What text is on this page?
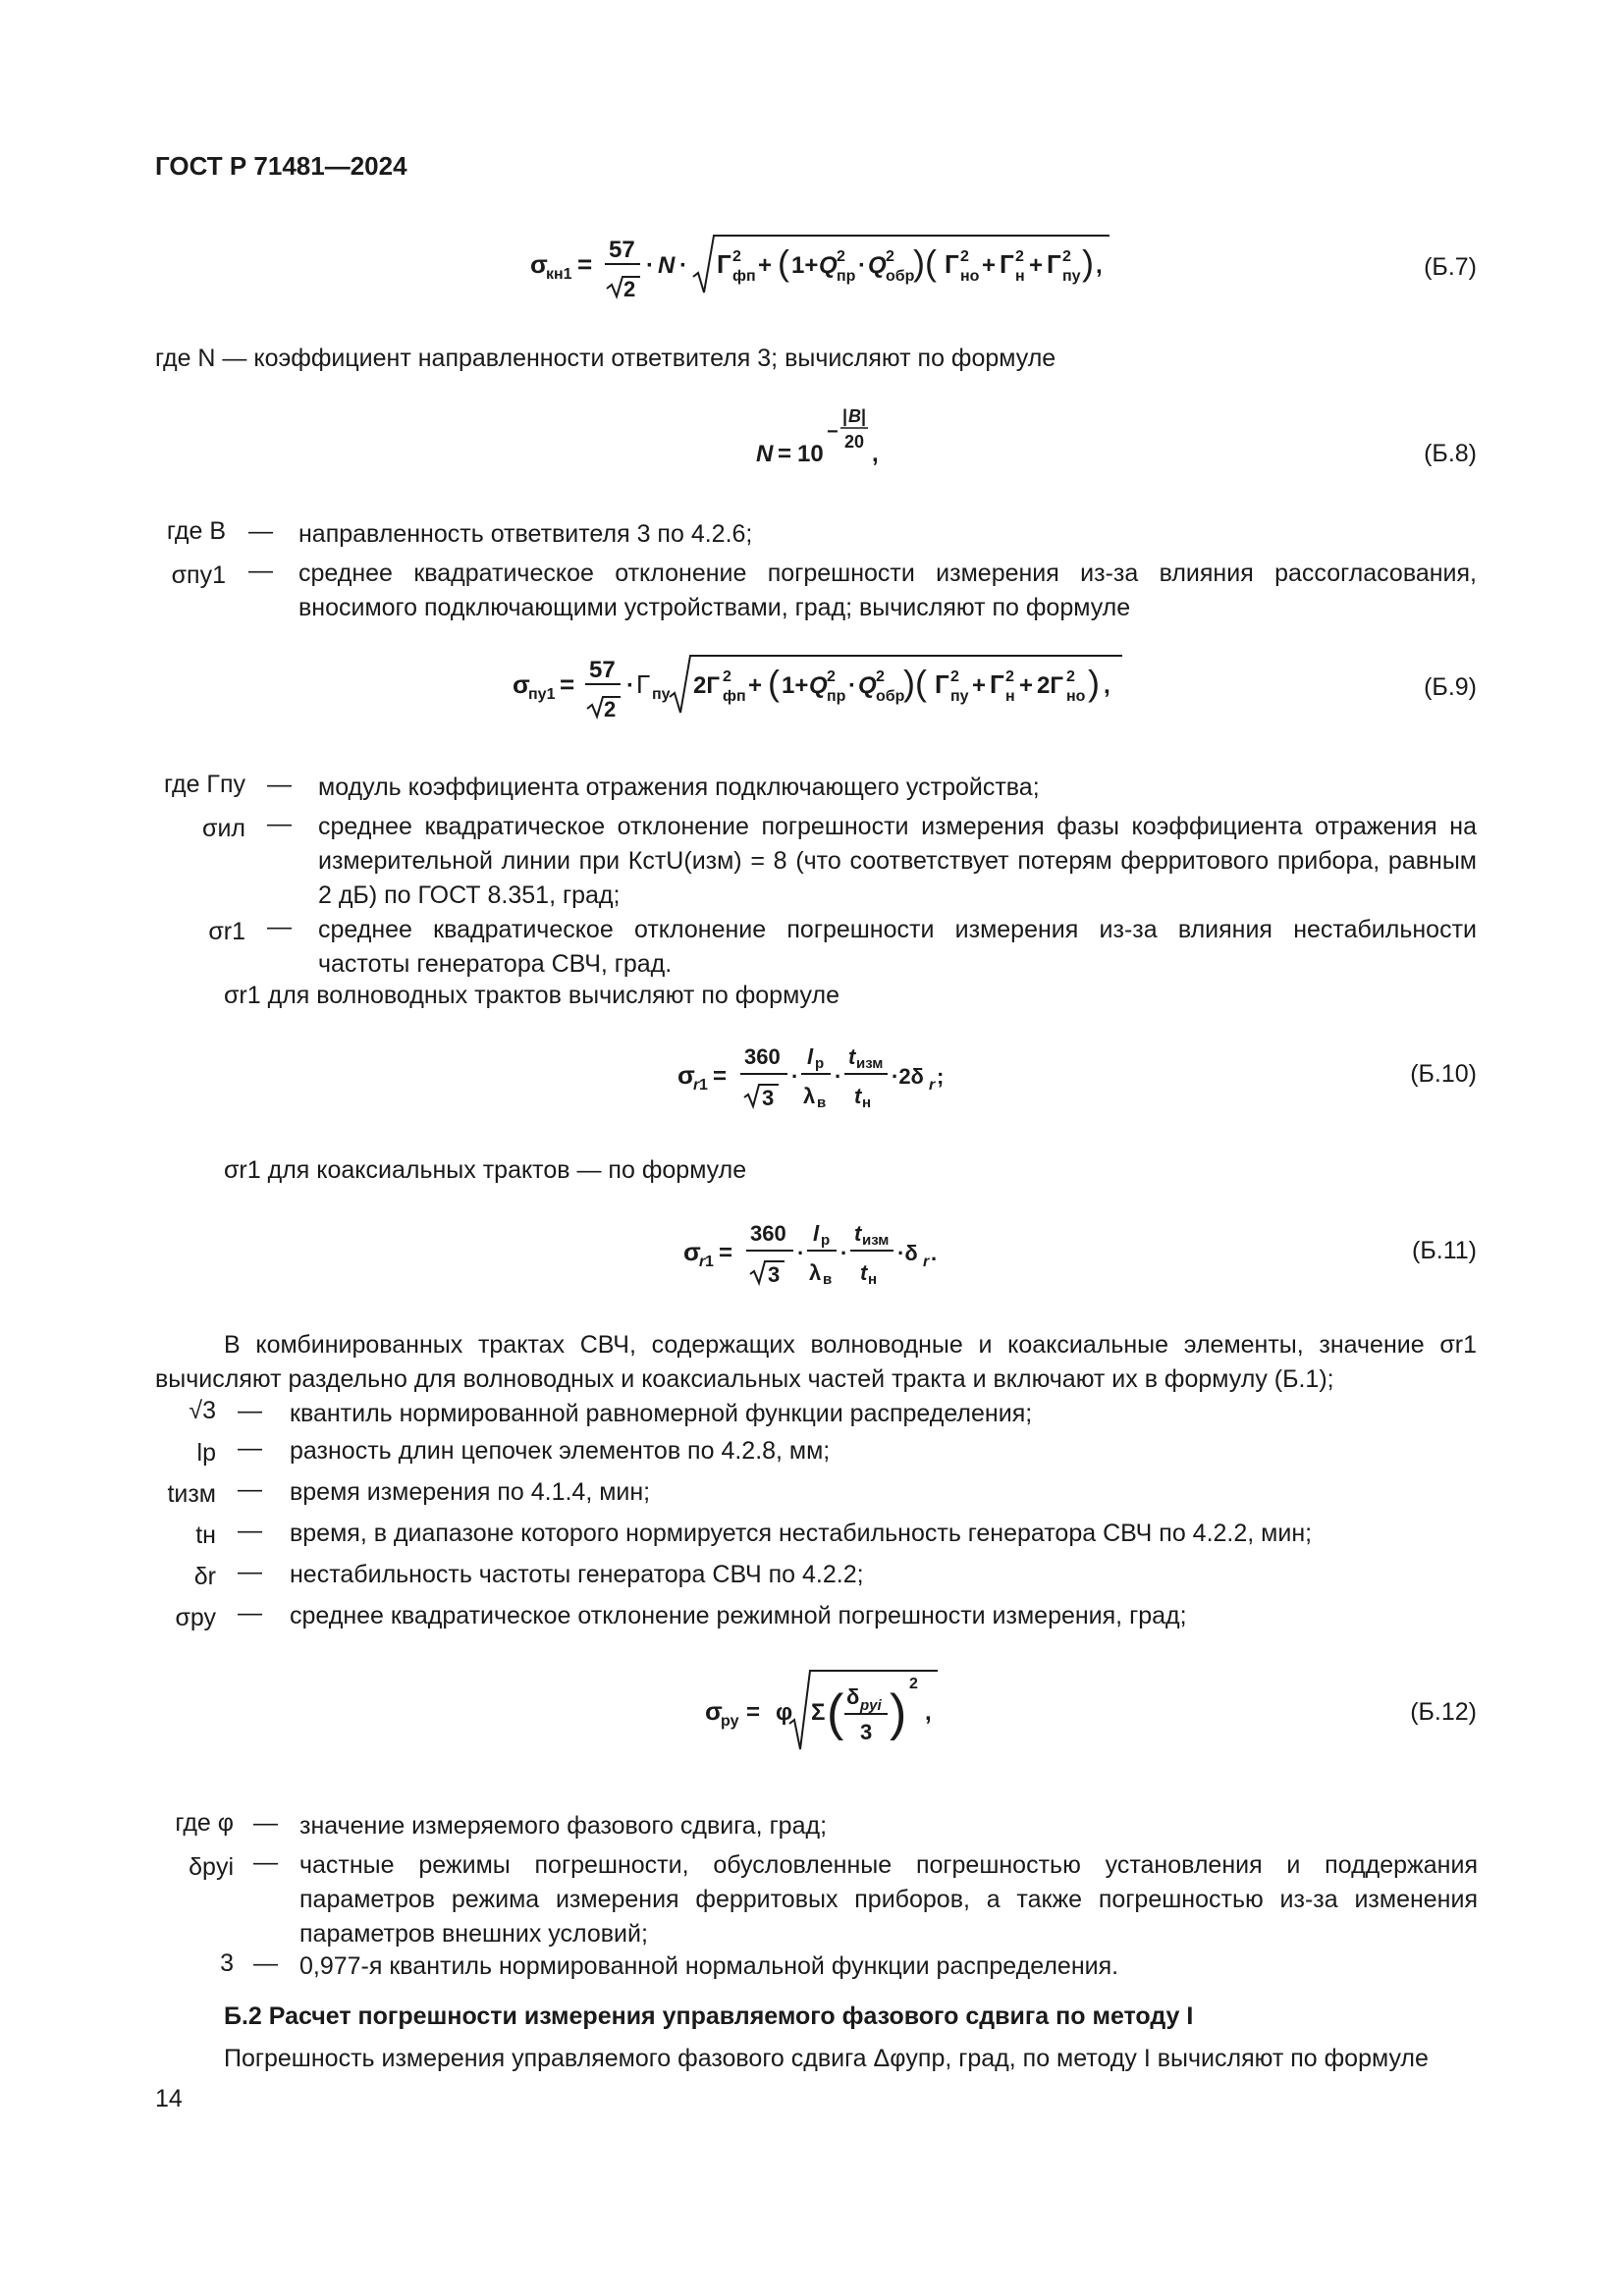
ГОСТ Р 71481—2024
σ
кн1 = 57
2
· N · Г 2
фп + ( 1+ Q 2
пр · Q 2
обр
)( Г 2
но + Г 2
н + Г 2
пу ) ,	(Б.7)
где N — коэффициент направленности ответвителя 3; вычисляют по формуле
N = 10
−
| B |
20 ,	(Б.8)
где B — направленность ответвителя 3 по 4.2.6;
σпу1 — среднее квадратическое отклонение погрешности измерения из-за влияния рассогласования, вносимого подключающими устройствами, град; вычисляют по формуле
σ
пу1 = 57
2
· Г пу 2Г 2
фп + ( 1+ Q 2
пр · Q 2
обр
)( Г 2
пу + Г 2
н + 2Г 2
но ) ,	(Б.9)
где Гпу — модуль коэффициента отражения подключающего устройства;
σил — среднее квадратическое отклонение погрешности измерения фазы коэффициента отражения на измерительной линии при КстU(изм) = 8 (что соответствует потерям ферритового прибора, равным 2 дБ) по ГОСТ 8.351, град;
σr1 — среднее квадратическое отклонение погрешности измерения из-за влияния нестабильности частоты генератора СВЧ, град.
σr1 для волноводных трактов вычисляют по формуле
σ
r 1 =
360
3
·
l р
λ в
·
t изм
t н
·2δ r ;	(Б.10)
σr1 для коаксиальных трактов — по формуле
σ
r 1 =
360
3
·
l р
λ в
·
t изм
t н
·δ r .	(Б.11)
В комбинированных трактах СВЧ, содержащих волноводные и коаксиальные элементы, значение σr1 вычисляют раздельно для волноводных и коаксиальных частей тракта и включают их в формулу (Б.1);
√3 — квантиль нормированной равномерной функции распределения;
lр — разность длин цепочек элементов по 4.2.8, мм;
tизм — время измерения по 4.1.4, мин;
tн — время, в диапазоне которого нормируется нестабильность генератора СВЧ по 4.2.2, мин;
δr — нестабильность частоты генератора СВЧ по 4.2.2;
σру — среднее квадратическое отклонение режимной погрешности измерения, град;
σ
ру = φ Σ ( δ рyi
3 )
2
,	(Б.12)
где φ — значение измеряемого фазового сдвига, град;
δрyi — частные режимы погрешности, обусловленные погрешностью установления и поддержания параметров режима измерения ферритовых приборов, а также погрешностью из-за изменения параметров внешних условий;
3 — 0,977-я квантиль нормированной нормальной функции распределения.
Б.2 Расчет погрешности измерения управляемого фазового сдвига по методу I
Погрешность измерения управляемого фазового сдвига Δφупр, град, по методу I вычисляют по формуле
14
